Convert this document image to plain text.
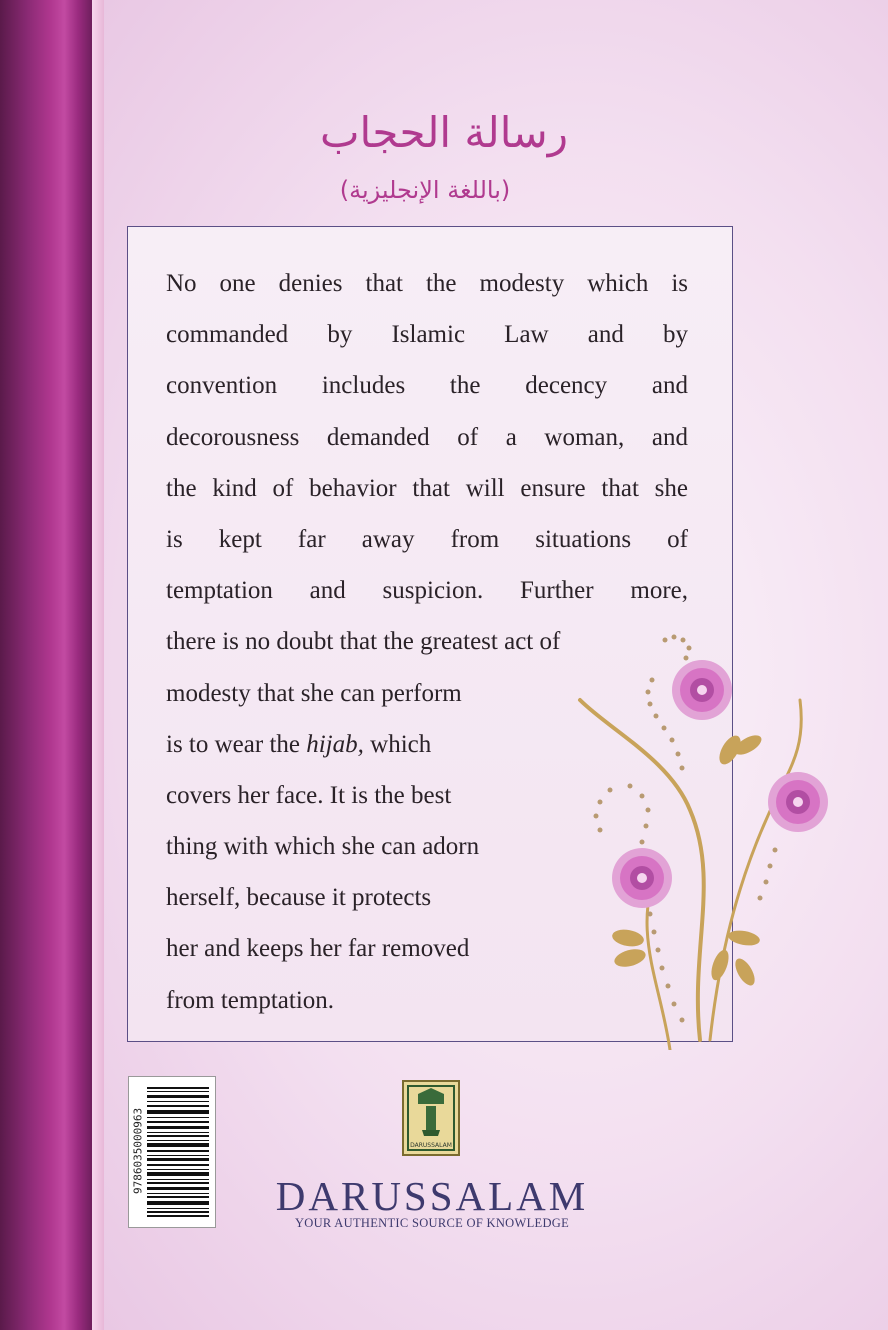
رسالة الحجاب
(باللغة الإنجليزية)
No one denies that the modesty which is
commanded by Islamic Law and by
convention includes the decency and
decorousness demanded of a woman, and
the kind of behavior that will ensure that she
is kept far away from situations of
temptation and suspicion. Further more,
there is no doubt that the greatest act of
modesty that she can perform
is to wear the hijab, which
covers her face. It is the best
thing with which she can adorn
herself, because it protects
her and keeps her far removed
from temptation.
9786035000963	DARUSSALAM
DARUSSALAM
YOUR AUTHENTIC SOURCE OF KNOWLEDGE
